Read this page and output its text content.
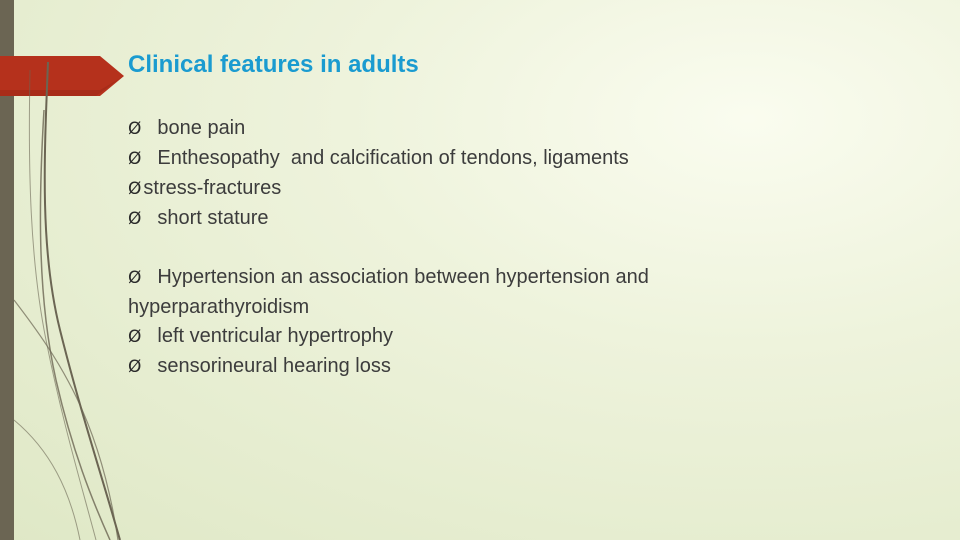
Clinical features in adults
Ø bone pain
Ø Enthesopathy  and calcification of tendons, ligaments
Ø stress-fractures
Ø short stature
Ø Hypertension an association between hypertension and hyperparathyroidism
Ø left ventricular hypertrophy
Ø sensorineural hearing loss
